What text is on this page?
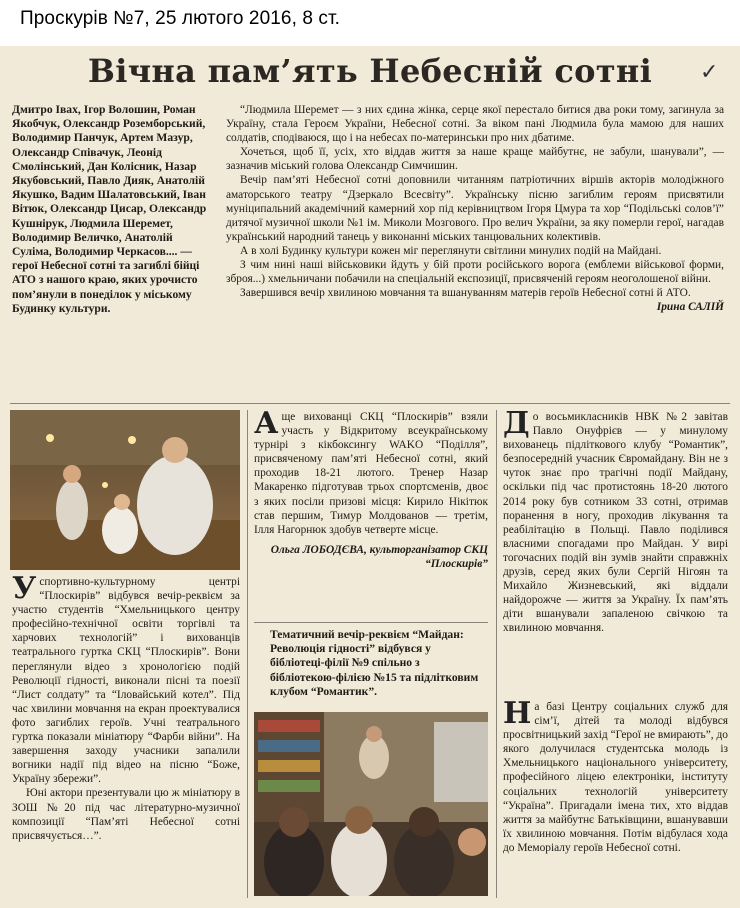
Проскурів №7, 25 лютого 2016, 8 ст.
Вічна пам’ять Небесній сотні	✓
Дмитро Івах, Ігор Волошин, Роман Якобчук, Олександр Роземборський, Володимир Панчук, Артем Мазур, Олександр Співачук, Леонід Смолінський, Дан Колісник, Назар Якубовський, Павло Дияк, Анатолій Якушко, Вадим Шалатовський, Іван Вітюк, Олександр Цисар, Олександр Кушнірук, Людмила Шеремет, Володимир Величко, Анатолій Суліма, Володимир Черкасов.... — герої Небесної сотні та загиблі бійці АТО з нашого краю, яких урочисто пом’янули в понеділок у міському Будинку культури.

“Людмила Шеремет — з них єдина жінка, серце якої перестало битися два роки тому, загинула за Україну, стала Героєм України, Небесної сотні. За віком пані Людмила була мамою для наших солдатів, сподіваюся, що і на небесах по-материнськи про них дбатиме.

Хочеться, щоб її, усіх, хто віддав життя за наше краще майбутнє, не забули, шанували”, — зазначив міський голова Олександр Симчишин.

Вечір пам’яті Небесної сотні доповнили читанням патріотичних віршів акторів молодіжного аматорського театру “Дзеркало Всесвіту”. Українську пісню загиблим героям присвятили муніципальний академічний камерний хор під керівництвом Ігоря Цмура та хор “Подільські солов’ї” дитячої музичної школи №1 ім. Миколи Мозгового. Про велич України, за яку померли герої, нагадав український народний танець у виконанні міських танцювальних колективів.

А в холі Будинку культури кожен міг переглянути світлини минулих подій на Майдані.

З чим нині наші військовики йдуть у бій проти російського ворога (емблеми військової форми, зброя...) хмельничани побачили на спеціальній експозиції, присвяченій героям неоголошеної війни.

Завершився вечір хвилиною мовчання та вшануванням матерів героїв Небесної сотні й АТО.

Ірина САЛІЙ

Успортивно-культурному центрі “Плоскирів” відбувся вечір-реквієм за участю студентів “Хмельницького центру професійно-технічної освіти торгівлі та харчових технологій” і вихованців театрального гуртка СКЦ “Плоскирів”. Вони переглянули відео з хронологією подій Революції гідності, виконали пісні та поезії “Лист солдату” та “Іловайський котел”. Під час хвилини мовчання на екран проектувалися фото загиблих героїв. Учні театрального гуртка показали мініатюру “Фарби війни”. На завершення заходу учасники запалили вогники надії під відео на пісню “Боже, Україну збережи”.

Юні актори презентували цю ж мініатюру в ЗОШ №20 під час літературно-музичної композиції “Пам’яті Небесної сотні присвячується…”.

Аще вихованці СКЦ “Плоскирів” взяли участь у Відкритому всеукраїнському турнірі з кікбоксингу WAKO “Поділля”, присвяченому пам’яті Небесної сотні, який проходив 18-21 лютого. Тренер Назар Макаренко підготував трьох спортсменів, двоє з яких посіли призові місця: Кирило Нікітюк став першим, Тимур Молдованов — третім, Ілля Нагорнюк здобув четверте місце.

Ольга ЛОБОДЄВА, культорганізатор СКЦ “Плоскирів”

Тематичний вечір-реквієм “Майдан: Революція гідності” відбувся у бібліотеці-філії №9 спільно з бібліотекою-філією №15 та підлітковим клубом “Романтик”.

До восьмикласників НВК №2 завітав Павло Онуфрієв — у минулому вихованець підліткового клубу “Романтик”, безпосередній учасник Євромайдану. Він не з чуток знає про трагічні події Майдану, оскільки під час протистоянь 18-20 лютого 2014 року був сотником 33 сотні, отримав поранення в ногу, проходив лікування та реабілітацію в Польщі. Павло поділився власними спогадами про Майдан. У вирі тогочасних подій він зумів знайти справжніх друзів, серед яких були Сергій Нігоян та Михайло Жизневський, які віддали найдорожче — життя за Україну. Їх пам’ять діти вшанували запаленою свічкою та хвилиною мовчання.

На базі Центру соціальних служб для сім’ї, дітей та молоді відбувся просвітницький захід “Герої не вмирають”, до якого долучилася студентська молодь із Хмельницького національного університету, професійного ліцею електроніки, інституту соціальних технологій університету “Україна”. Пригадали імена тих, хто віддав життя за майбутнє Батьківщини, вшанувавши їх хвилиною мовчання. Потім відбулася хода до Меморіалу героїв Небесної сотні.
